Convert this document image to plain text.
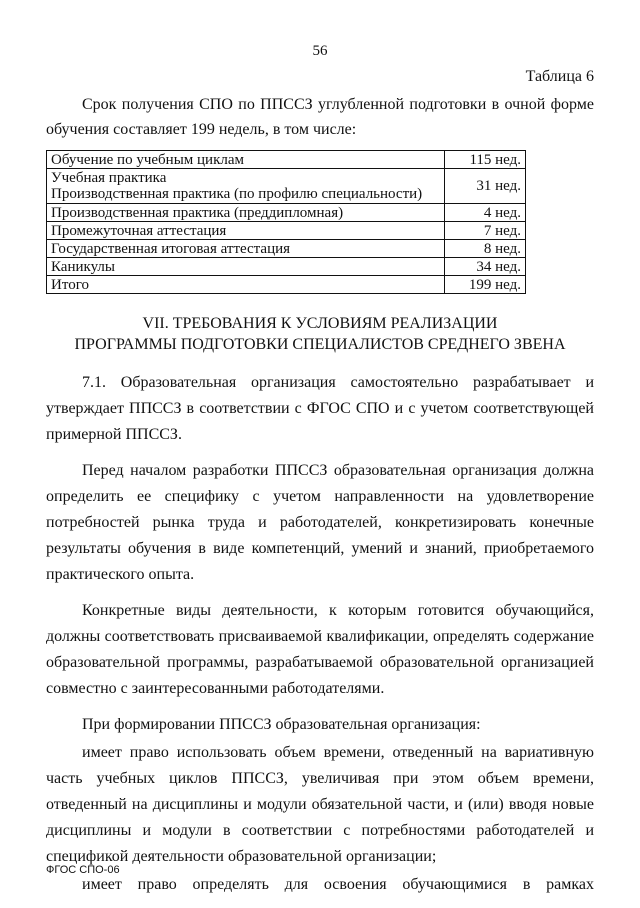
56
Таблица 6
Срок получения СПО по ППССЗ углубленной подготовки в очной форме
обучения составляет 199 недель, в том числе:
Обучение по учебным циклам	115 нед.

Учебная практика
Производственная практика (по профилю специальности)	31 нед.
Производственная практика (преддипломная)	4 нед.
Промежуточная аттестация	7 нед.
Государственная итоговая аттестация	8 нед.
Каникулы	34 нед.
Итого	199 нед.
VII. ТРЕБОВАНИЯ К УСЛОВИЯМ РЕАЛИЗАЦИИ
ПРОГРАММЫ ПОДГОТОВКИ СПЕЦИАЛИСТОВ СРЕДНЕГО ЗВЕНА

7.1. Образовательная организация самостоятельно разрабатывает и утверждает ППССЗ в соответствии с ФГОС СПО и с учетом соответствующей примерной ППССЗ.

Перед началом разработки ППССЗ образовательная организация должна определить ее специфику с учетом направленности на удовлетворение потребностей рынка труда и работодателей, конкретизировать конечные результаты обучения в виде компетенций, умений и знаний, приобретаемого практического опыта.

Конкретные виды деятельности, к которым готовится обучающийся, должны соответствовать присваиваемой квалификации, определять содержание образовательной программы, разрабатываемой образовательной организацией совместно с заинтересованными работодателями.

При формировании ППССЗ образовательная организация:

имеет право использовать объем времени, отведенный на вариативную часть учебных циклов ППССЗ, увеличивая при этом объем времени, отведенный на дисциплины и модули обязательной части, и (или) вводя новые дисциплины и модули в соответствии с потребностями работодателей и спецификой деятельности образовательной организации;

имеет право определять для освоения обучающимися в рамках

ФГОС СПО-06
